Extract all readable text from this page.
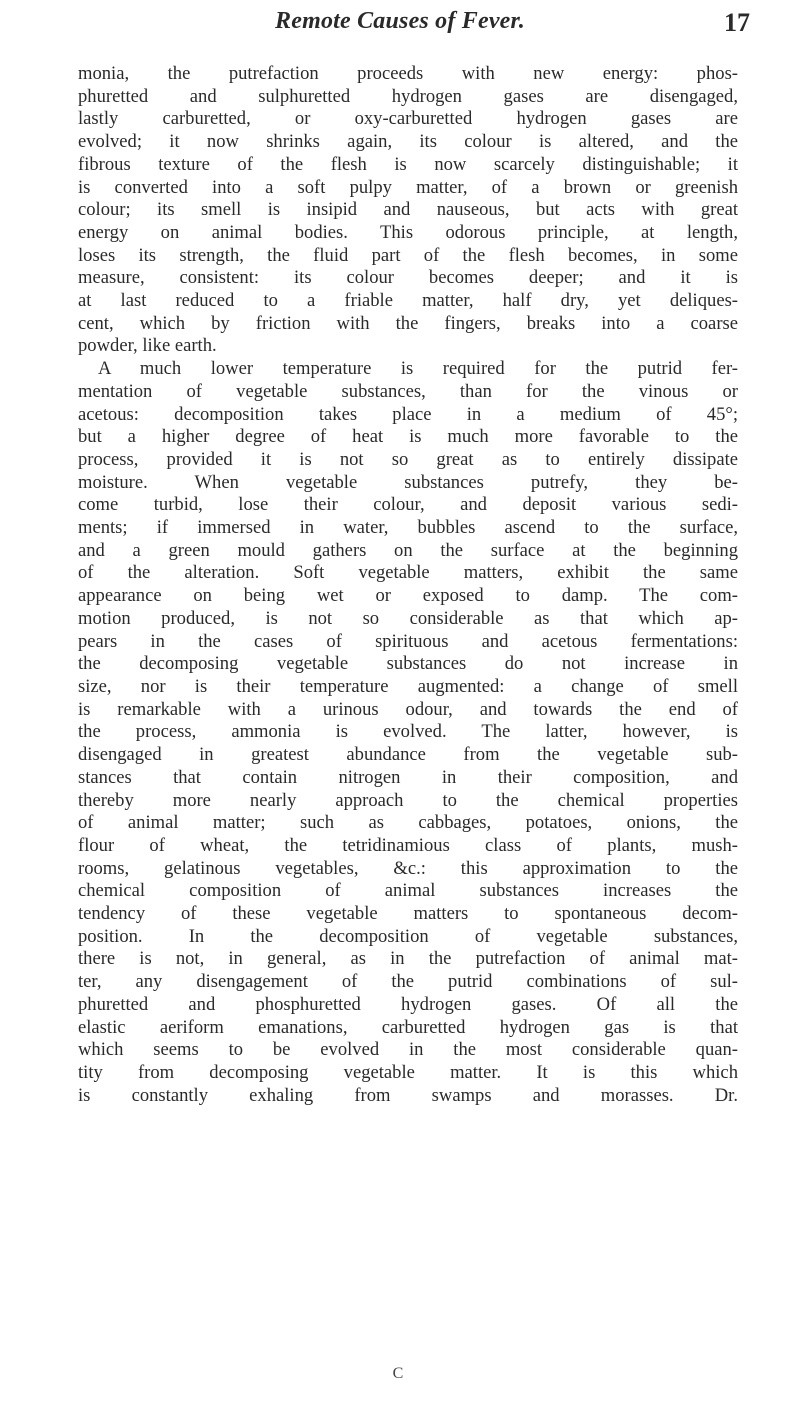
Remote Causes of Fever.	17

monia, the putrefaction proceeds with new energy: phos-
phuretted and sulphuretted hydrogen gases are disengaged,
lastly carburetted, or oxy-carburetted hydrogen gases are
evolved; it now shrinks again, its colour is altered, and the
fibrous texture of the flesh is now scarcely distinguishable; it
is converted into a soft pulpy matter, of a brown or greenish
colour; its smell is insipid and nauseous, but acts with great
energy on animal bodies. This odorous principle, at length,
loses its strength, the fluid part of the flesh becomes, in some
measure, consistent: its colour becomes deeper; and it is
at last reduced to a friable matter, half dry, yet deliques-
cent, which by friction with the fingers, breaks into a coarse
powder, like earth.
A much lower temperature is required for the putrid fer-
mentation of vegetable substances, than for the vinous or
acetous: decomposition takes place in a medium of 45°;
but a higher degree of heat is much more favorable to the
process, provided it is not so great as to entirely dissipate
moisture. When vegetable substances putrefy, they be-
come turbid, lose their colour, and deposit various sedi-
ments; if immersed in water, bubbles ascend to the surface,
and a green mould gathers on the surface at the beginning
of the alteration. Soft vegetable matters, exhibit the same
appearance on being wet or exposed to damp. The com-
motion produced, is not so considerable as that which ap-
pears in the cases of spirituous and acetous fermentations:
the decomposing vegetable substances do not increase in
size, nor is their temperature augmented: a change of smell
is remarkable with a urinous odour, and towards the end of
the process, ammonia is evolved. The latter, however, is
disengaged in greatest abundance from the vegetable sub-
stances that contain nitrogen in their composition, and
thereby more nearly approach to the chemical properties
of animal matter; such as cabbages, potatoes, onions, the
flour of wheat, the tetridinamious class of plants, mush-
rooms, gelatinous vegetables, &c.: this approximation to the
chemical composition of animal substances increases the
tendency of these vegetable matters to spontaneous decom-
position. In the decomposition of vegetable substances,
there is not, in general, as in the putrefaction of animal mat-
ter, any disengagement of the putrid combinations of sul-
phuretted and phosphuretted hydrogen gases. Of all the
elastic aeriform emanations, carburetted hydrogen gas is that
which seems to be evolved in the most considerable quan-
tity from decomposing vegetable matter. It is this which
is constantly exhaling from swamps and morasses. Dr.

C
